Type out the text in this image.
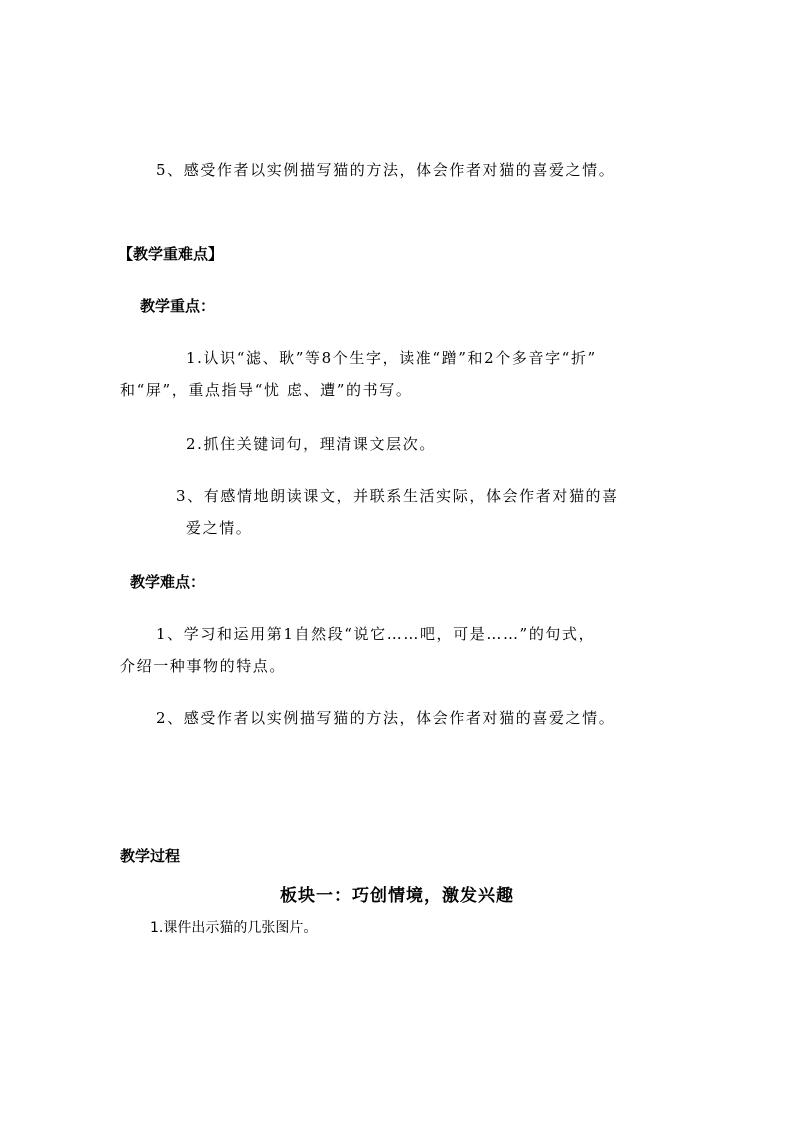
5、感受作者以实例描写猫的方法，体会作者对猫的喜爱之情。
【教学重难点】
教学重点：
1.认识“滤、耿”等8个生字，读准“蹭”和2个多音字“折”
和“屏”，重点指导“忧 虑、遭”的书写。
2.抓住关键词句，理清课文层次。
3、有感情地朗读课文，并联系生活实际，体会作者对猫的喜
爱之情。
教学难点：
1、学习和运用第1自然段“说它……吧，可是……”的句式，
介绍一种事物的特点。
2、感受作者以实例描写猫的方法，体会作者对猫的喜爱之情。
教学过程
板块一：巧创情境，激发兴趣
1.课件出示猫的几张图片。
